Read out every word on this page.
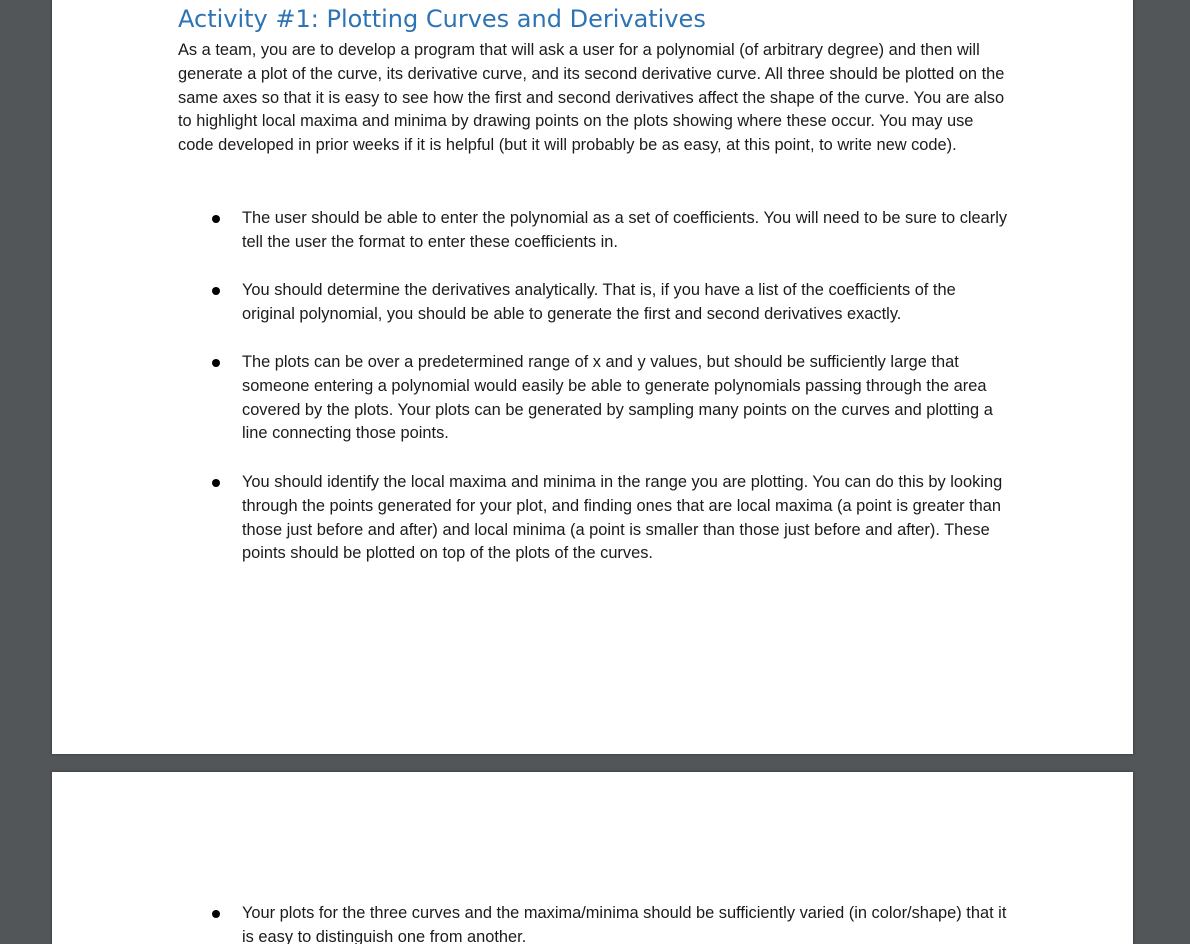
Activity #1: Plotting Curves and Derivatives

As a team, you are to develop a program that will ask a user for a polynomial (of arbitrary degree) and then will generate a plot of the curve, its derivative curve, and its second derivative curve. All three should be plotted on the same axes so that it is easy to see how the first and second derivatives affect the shape of the curve. You are also to highlight local maxima and minima by drawing points on the plots showing where these occur. You may use code developed in prior weeks if it is helpful (but it will probably be as easy, at this point, to write new code).

The user should be able to enter the polynomial as a set of coefficients. You will need to be sure to clearly tell the user the format to enter these coefficients in.

You should determine the derivatives analytically. That is, if you have a list of the coefficients of the original polynomial, you should be able to generate the first and second derivatives exactly.

The plots can be over a predetermined range of x and y values, but should be sufficiently large that someone entering a polynomial would easily be able to generate polynomials passing through the area covered by the plots. Your plots can be generated by sampling many points on the curves and plotting a line connecting those points.

You should identify the local maxima and minima in the range you are plotting. You can do this by looking through the points generated for your plot, and finding ones that are local maxima (a point is greater than those just before and after) and local minima (a point is smaller than those just before and after). These points should be plotted on top of the plots of the curves.

Your plots for the three curves and the maxima/minima should be sufficiently varied (in color/shape) that it is easy to distinguish one from another.
